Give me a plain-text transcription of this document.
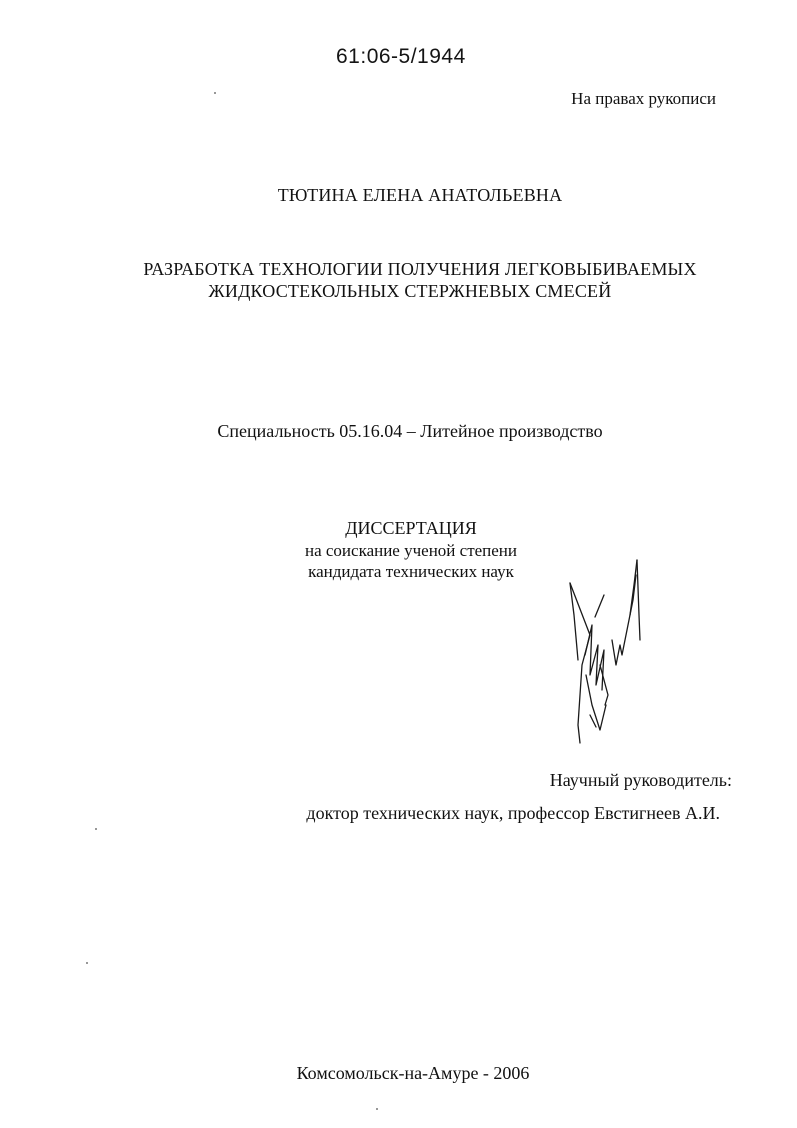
61:06-5/1944
На правах рукописи
ТЮТИНА ЕЛЕНА АНАТОЛЬЕВНА
РАЗРАБОТКА ТЕХНОЛОГИИ ПОЛУЧЕНИЯ ЛЕГКОВЫБИВАЕМЫХ
ЖИДКОСТЕКОЛЬНЫХ СТЕРЖНЕВЫХ СМЕСЕЙ
Специальность 05.16.04 – Литейное производство
ДИССЕРТАЦИЯ
на соискание ученой степени
кандидата технических наук
Научный руководитель:
доктор технических наук, профессор Евстигнеев А.И.
Комсомольск-на-Амуре - 2006
